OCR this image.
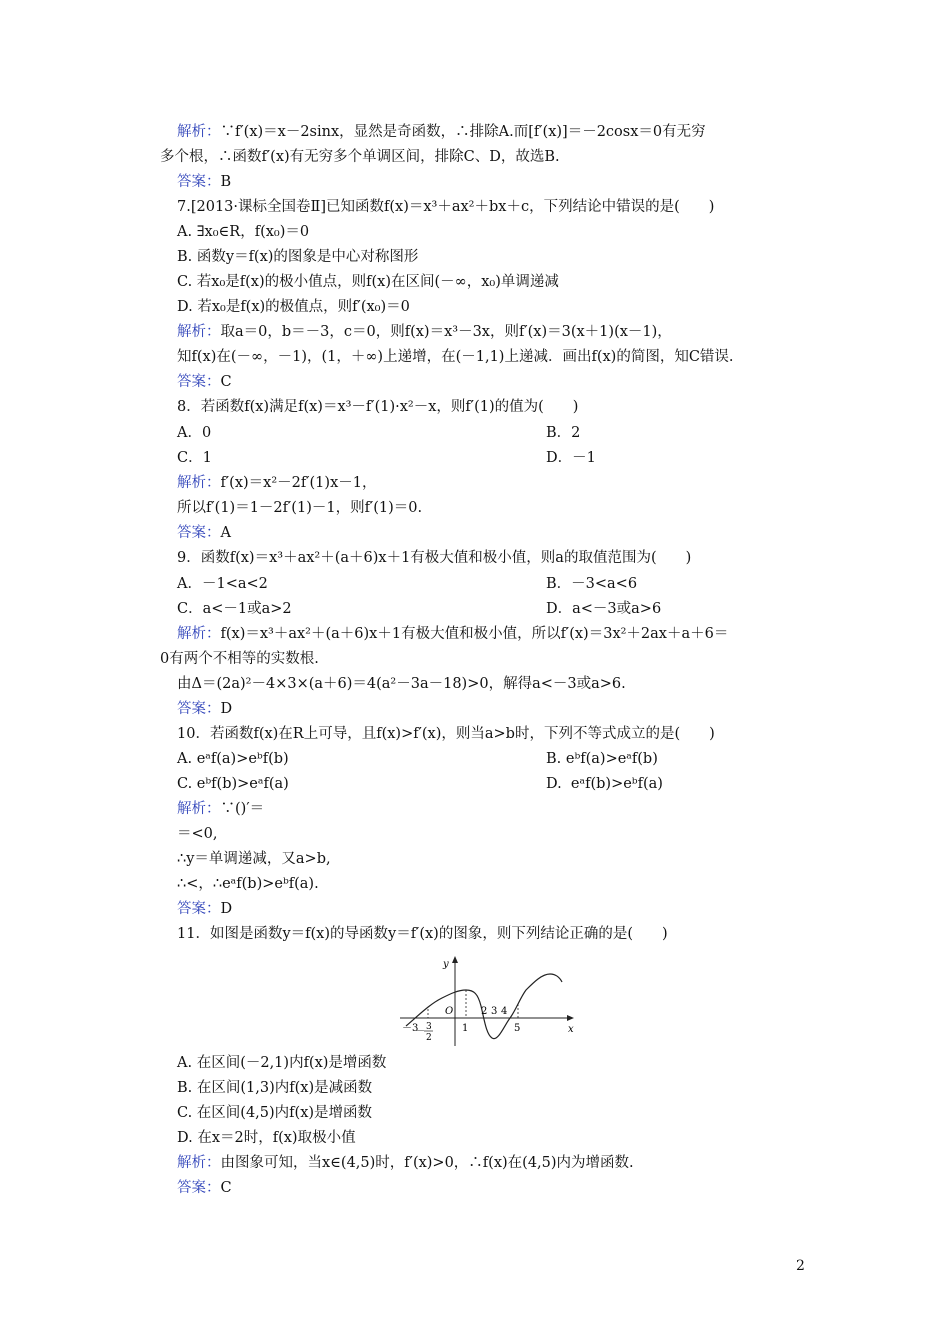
解析：∵f′(x)＝x－2sinx，显然是奇函数，∴排除A.而[f′(x)]＝－2cosx＝0有无穷
多个根，∴函数f′(x)有无穷多个单调区间，排除C、D，故选B.
答案：B
7.[2013·课标全国卷Ⅱ]已知函数f(x)＝x³＋ax²＋bx＋c，下列结论中错误的是(　　)
A. ∃x₀∈R，f(x₀)＝0
B. 函数y＝f(x)的图象是中心对称图形
C. 若x₀是f(x)的极小值点，则f(x)在区间(－∞，x₀)单调递减
D. 若x₀是f(x)的极值点，则f′(x₀)＝0
解析：取a＝0，b＝－3，c＝0，则f(x)＝x³－3x，则f′(x)＝3(x＋1)(x－1)，
知f(x)在(－∞，－1)，(1，＋∞)上递增，在(－1,1)上递减．画出f(x)的简图，知C错误.
答案：C
8．若函数f(x)满足f(x)＝x³－f′(1)·x²－x，则f′(1)的值为(　　)
A．0	B．2
C．1	D．－1
解析：f′(x)＝x²－2f′(1)x－1，
所以f′(1)＝1－2f′(1)－1，则f′(1)＝0.
答案：A
9．函数f(x)＝x³＋ax²＋(a＋6)x＋1有极大值和极小值，则a的取值范围为(　　)
A．－1<a<2	B．－3<a<6
C．a<－1或a>2	D．a<－3或a>6
解析：f(x)＝x³＋ax²＋(a＋6)x＋1有极大值和极小值，所以f′(x)＝3x²＋2ax＋a＋6＝
0有两个不相等的实数根.
由Δ＝(2a)²－4×3×(a＋6)＝4(a²－3a－18)>0，解得a<－3或a>6.
答案：D
10．若函数f(x)在R上可导，且f(x)>f′(x)，则当a>b时，下列不等式成立的是(　　)
A. eᵃf(a)>eᵇf(b)	B. eᵇf(a)>eᵃf(b)
C. eᵇf(b)>eᵃf(a)	D.  eᵃf(b)>eᵇf(a)
解析：∵()′＝
＝<0,
∴y＝单调递减，又a>b,
∴<，∴eᵃf(b)>eᵇf(a).
答案：D
11．如图是函数y＝f(x)的导函数y＝f′(x)的图象，则下列结论正确的是(　　)
A. 在区间(－2,1)内f(x)是增函数
B. 在区间(1,3)内f(x)是减函数
C. 在区间(4,5)内f(x)是增函数
D. 在x＝2时，f(x)取极小值
解析：由图象可知，当x∈(4,5)时，f′(x)>0，∴f(x)在(4,5)内为增函数.
答案：C
y
x
O
－3
－ 3
2
1
2 3 4
5
2
